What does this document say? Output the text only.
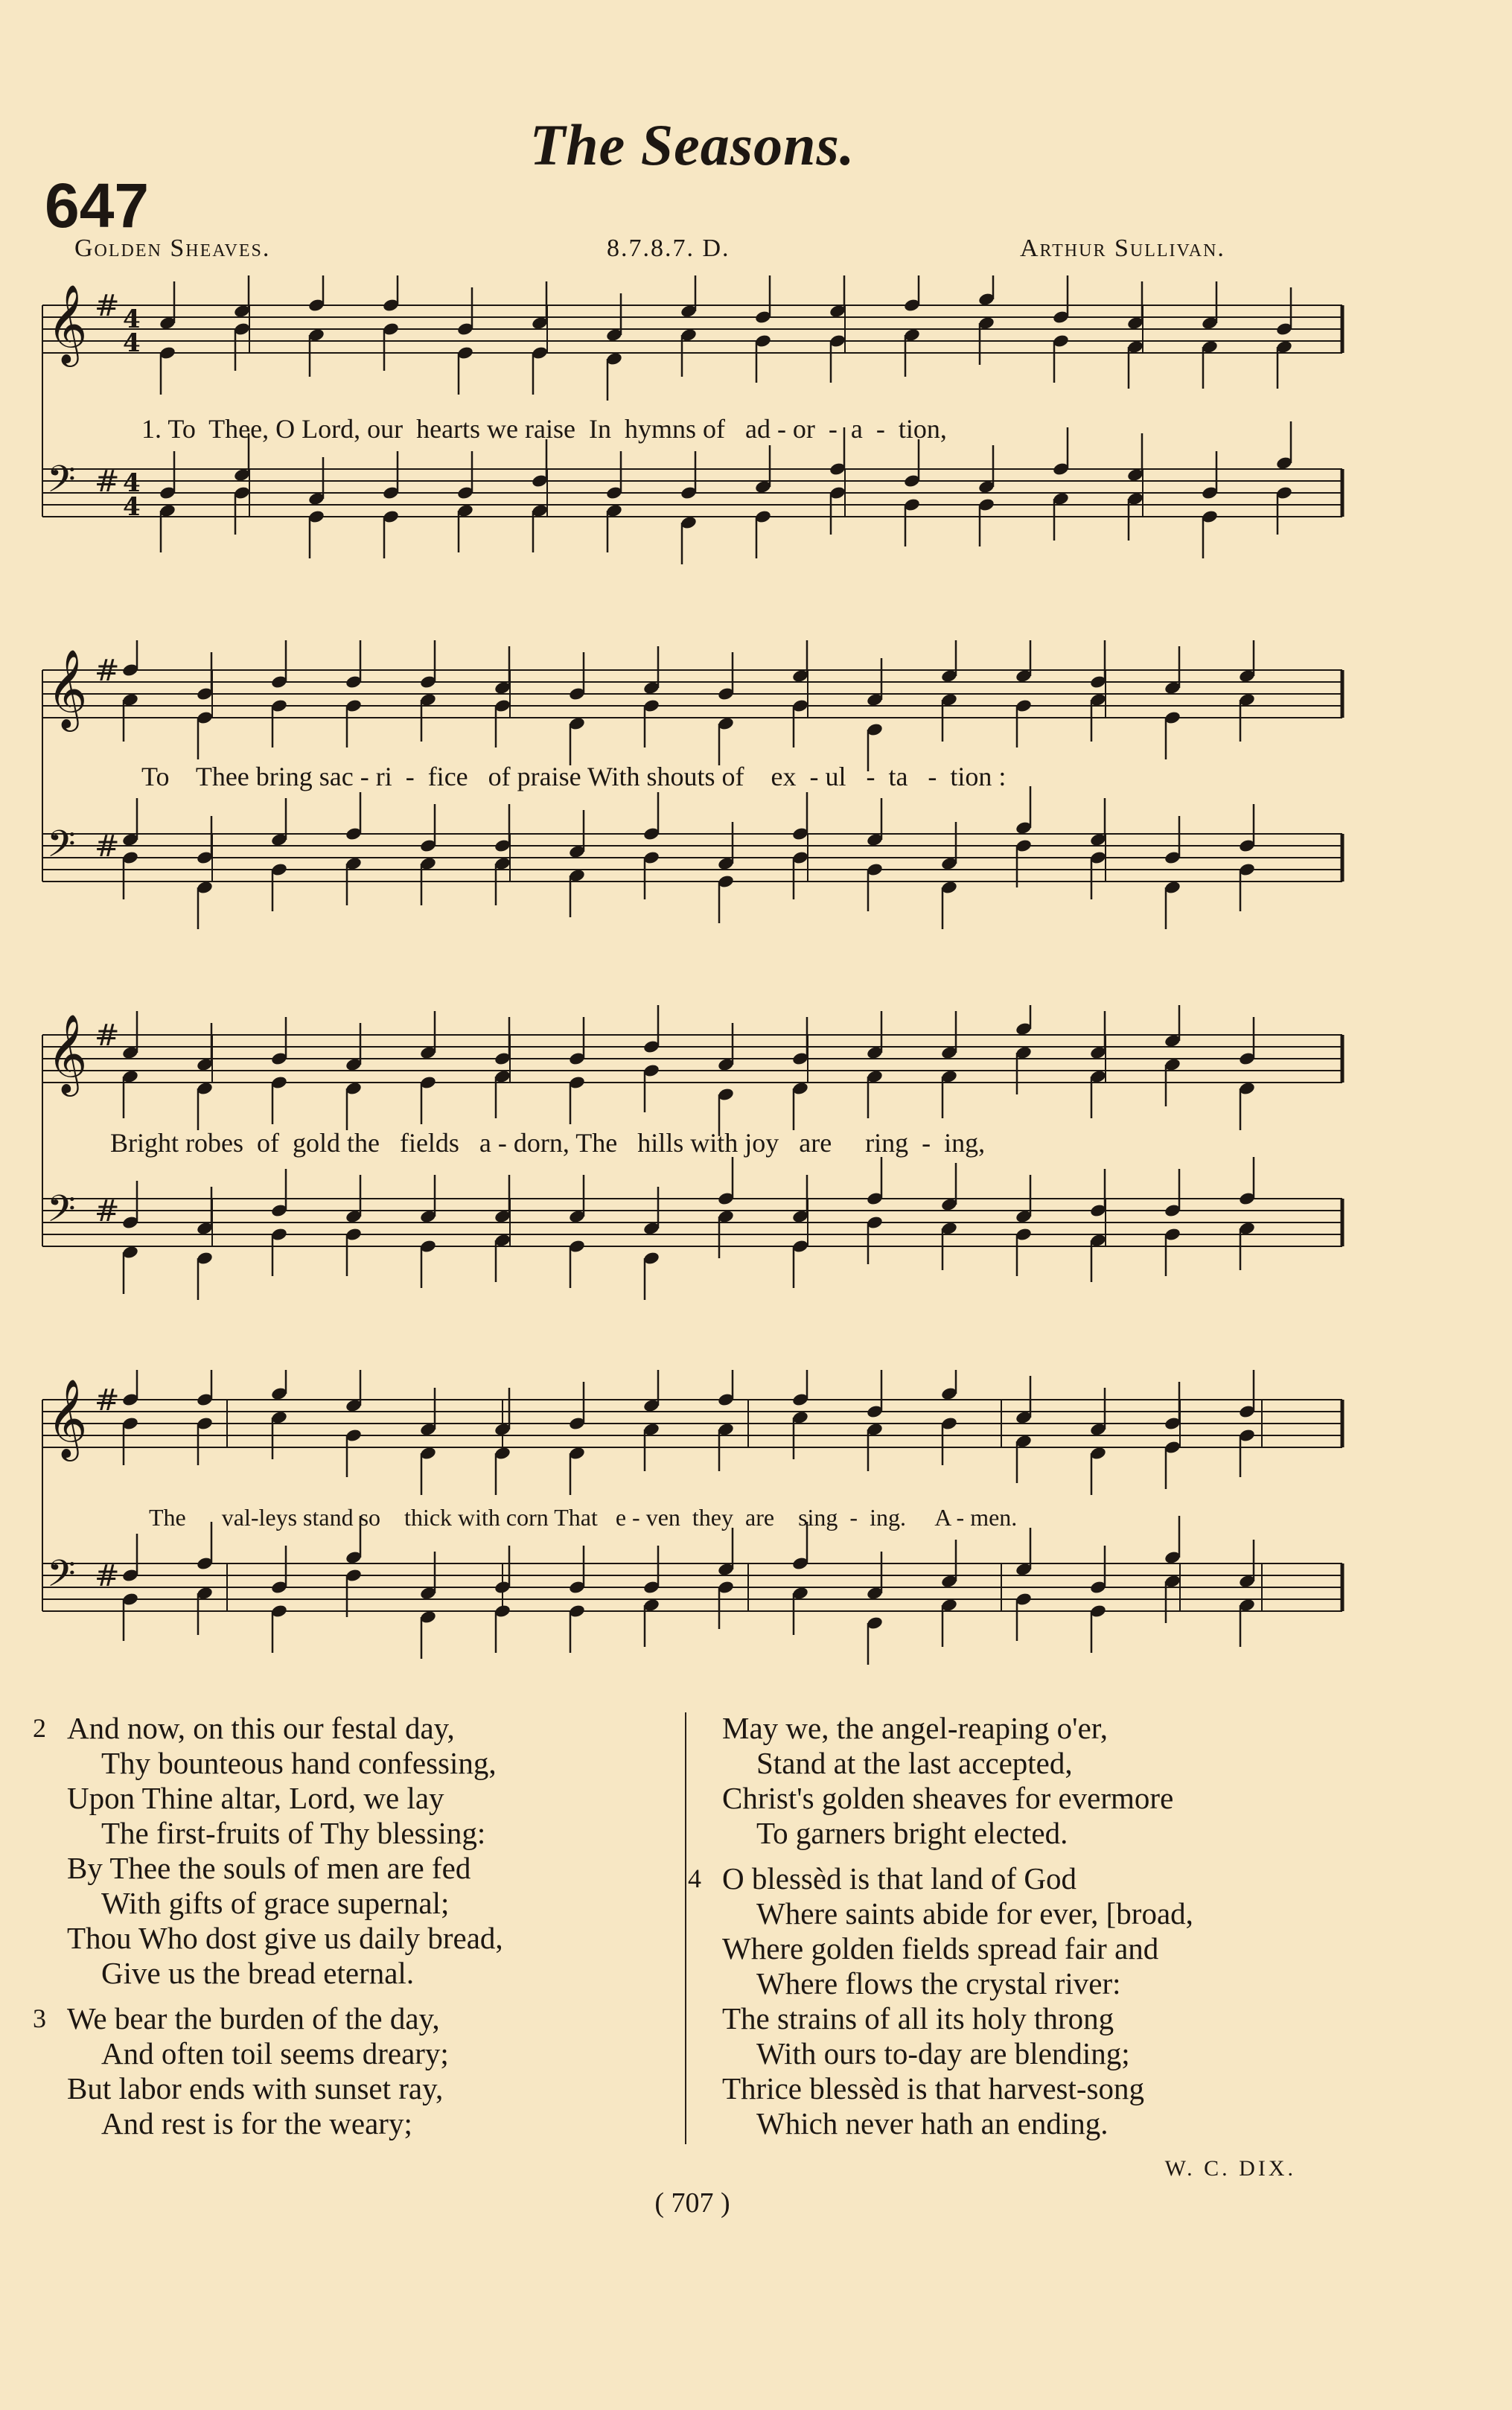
The Seasons.
647
Golden Sheaves.	8.7.8.7. D.	Arthur Sullivan.
𝄞 #
𝄢 #
4
4
4
4
1. To  Thee, O Lord, our  hearts we raise  In  hymns of   ad - or  -  a  -  tion,
𝄞 #
𝄢 #
To    Thee bring sac - ri  -  fice   of praise With shouts of    ex  - ul   -  ta   -  tion :
𝄞 #
𝄢 #
Bright robes  of  gold the   fields   a - dorn, The   hills with joy   are     ring  -  ing,
𝄞 #
𝄢 #
The      val-leys stand so    thick with corn That   e - ven  they  are    sing  -  ing.     A - men.
2 And now, on this our festal day,
Thy bounteous hand confessing,
Upon Thine altar, Lord, we lay
The first-fruits of Thy blessing:
By Thee the souls of men are fed
With gifts of grace supernal;
Thou Who dost give us daily bread,
Give us the bread eternal.
3 We bear the burden of the day,
And often toil seems dreary;
But labor ends with sunset ray,
And rest is for the weary;
May we, the angel-reaping o'er,
Stand at the last accepted,
Christ's golden sheaves for evermore
To garners bright elected.
4 O blessèd is that land of God
Where saints abide for ever, [broad,
Where golden fields spread fair and
Where flows the crystal river:
The strains of all its holy throng
With ours to-day are blending;
Thrice blessèd is that harvest-song
Which never hath an ending.
W. C. DIX.
( 707 )
